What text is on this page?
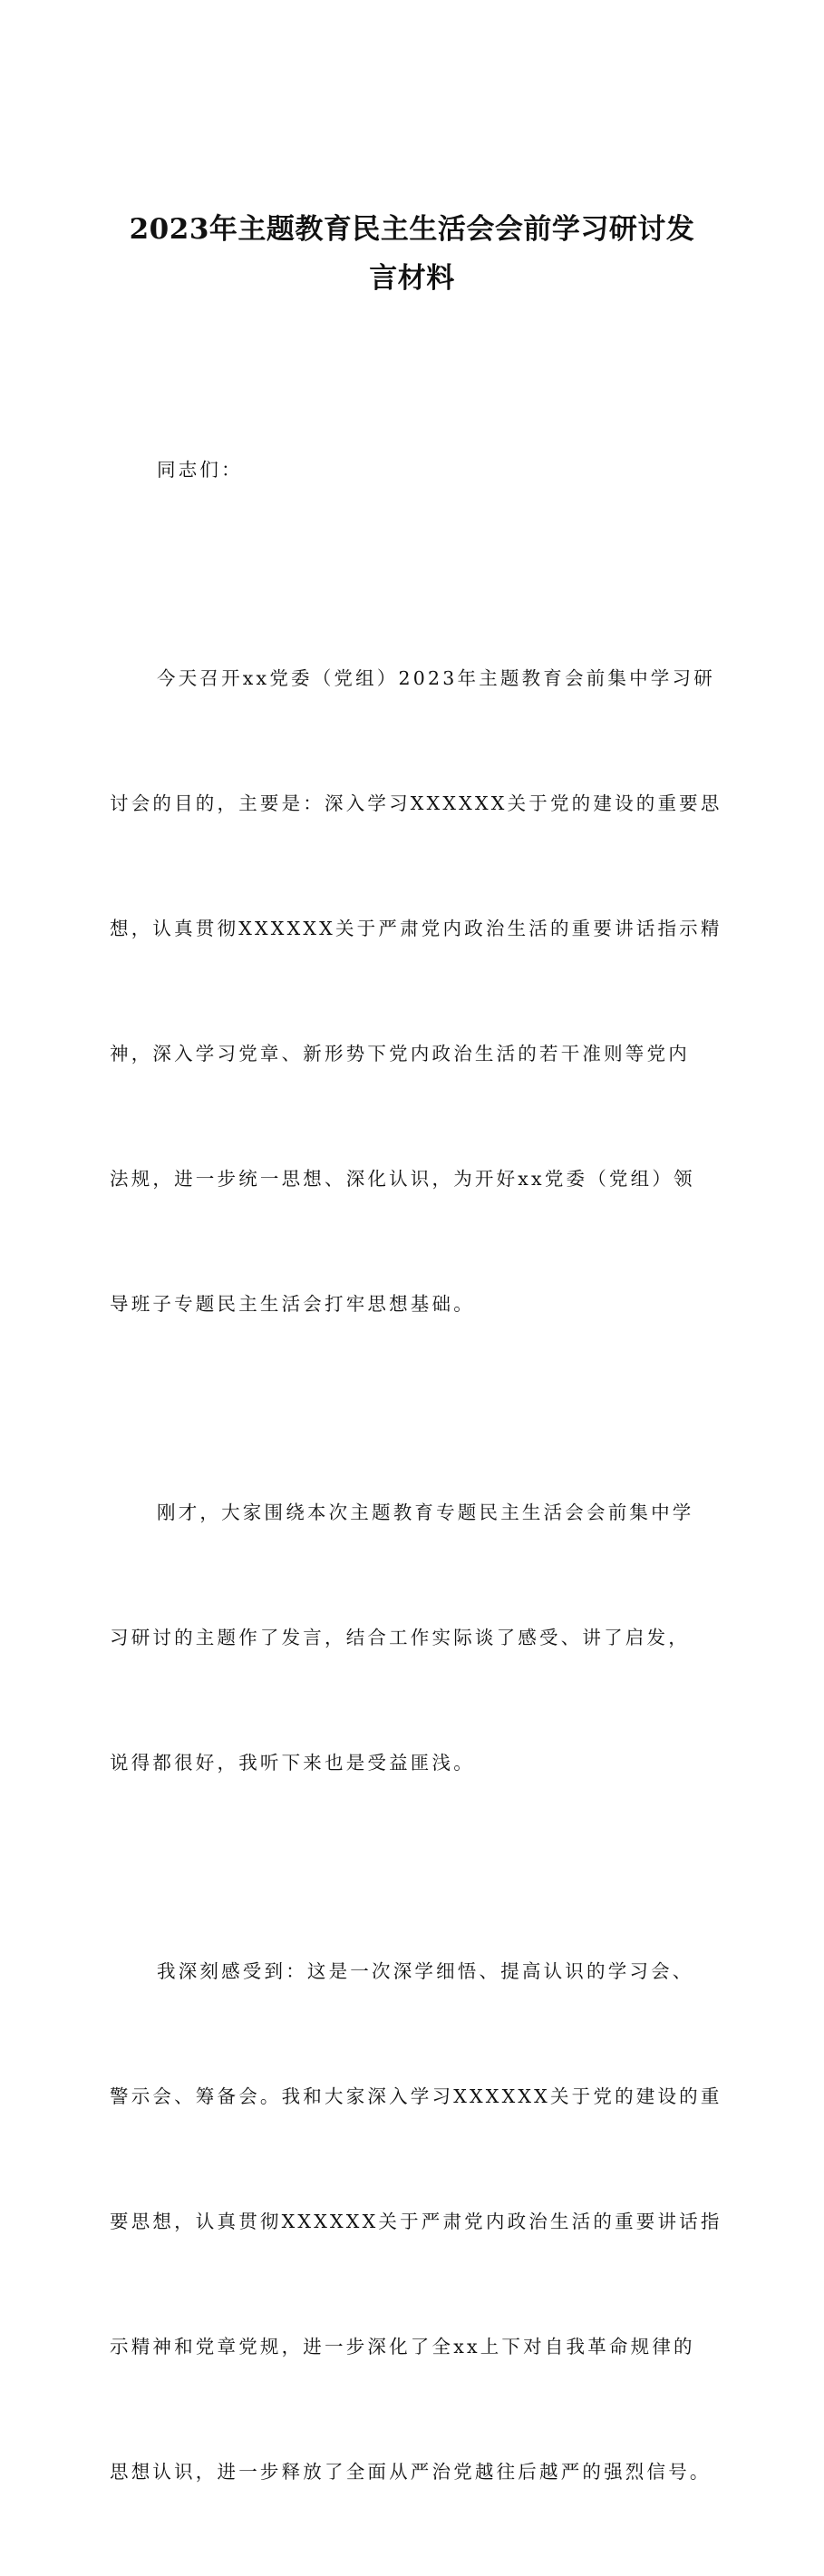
2023年主题教育民主生活会会前学习研讨发
言材料

同志们：

今天召开xx党委（党组）2023年主题教育会前集中学习研

讨会的目的，主要是：深入学习XXXXXX关于党的建设的重要思

想，认真贯彻XXXXXX关于严肃党内政治生活的重要讲话指示精

神，深入学习党章、新形势下党内政治生活的若干准则等党内

法规，进一步统一思想、深化认识，为开好xx党委（党组）领

导班子专题民主生活会打牢思想基础。

刚才，大家围绕本次主题教育专题民主生活会会前集中学

习研讨的主题作了发言，结合工作实际谈了感受、讲了启发，

说得都很好，我听下来也是受益匪浅。

我深刻感受到：这是一次深学细悟、提高认识的学习会、

警示会、筹备会。我和大家深入学习XXXXXX关于党的建设的重

要思想，认真贯彻XXXXXX关于严肃党内政治生活的重要讲话指

示精神和党章党规，进一步深化了全xx上下对自我革命规律的

思想认识，进一步释放了全面从严治党越往后越严的强烈信号。
